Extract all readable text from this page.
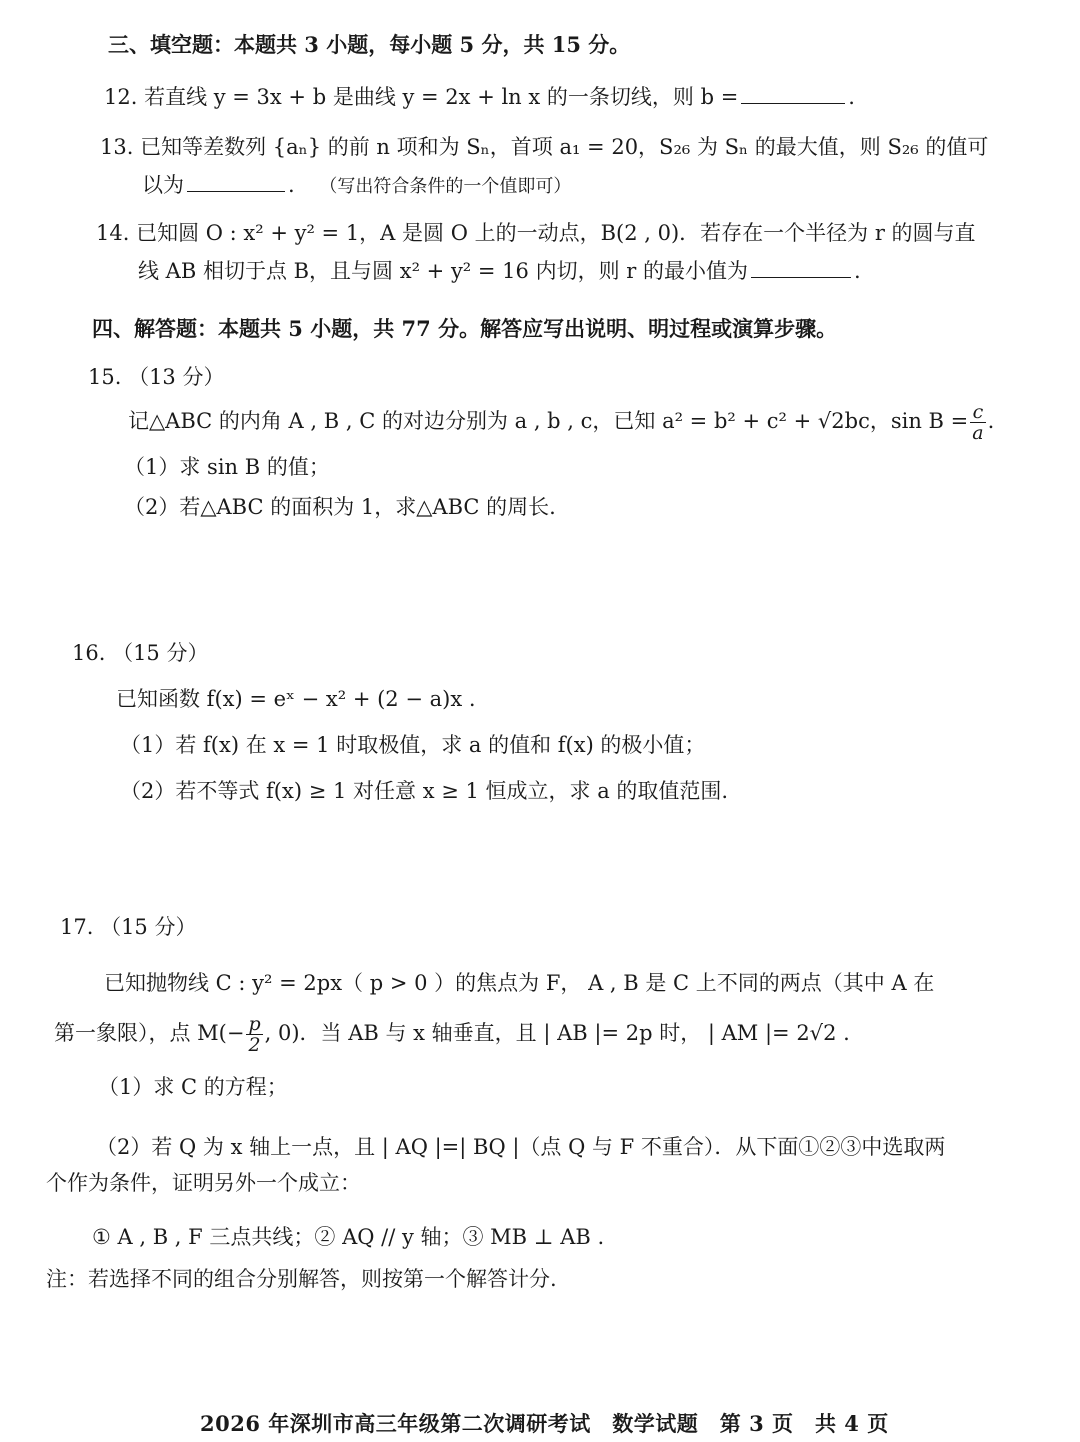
三、填空题：本题共 3 小题，每小题 5 分，共 15 分。
12. 若直线 y = 3x + b 是曲线 y = 2x + ln x 的一条切线，则 b =	.
13. 已知等差数列 {aₙ} 的前 n 项和为 Sₙ，首项 a₁ = 20，S₂₆ 为 Sₙ 的最大值，则 S₂₆ 的值可
以为	. （写出符合条件的一个值即可）
14. 已知圆 O : x² + y² = 1，A 是圆 O 上的一动点，B(2 , 0)．若存在一个半径为 r 的圆与直
线 AB 相切于点 B，且与圆 x² + y² = 16 内切，则 r 的最小值为	.
四、解答题：本题共 5 小题，共 77 分。解答应写出说明、明过程或演算步骤。
15. （13 分）
记△ABC 的内角 A , B , C 的对边分别为 a , b , c，已知 a² = b² + c² + √2bc，$\sin B = \frac{c}{a}$ .
（1）求 sin B 的值；
（2）若△ABC 的面积为 1，求△ABC 的周长.
16. （15 分）
已知函数 f(x) = eˣ − x² + (2 − a)x .
（1）若 f(x) 在 x = 1 时取极值，求 a 的值和 f(x) 的极小值；
（2）若不等式 f(x) ≥ 1 对任意 x ≥ 1 恒成立，求 a 的取值范围.
17. （15 分）
已知抛物线 C : y² = 2px（ p > 0 ）的焦点为 F， A , B 是 C 上不同的两点（其中 A 在
第一象限），点 $M(- \frac{p}{2}$ , 0)．当 AB 与 x 轴垂直，且 | AB |= 2p 时， | AM |= 2√2 .
（1）求 C 的方程；
（2）若 Q 为 x 轴上一点，且 | AQ |=| BQ |（点 Q 与 F 不重合）．从下面①②③中选取两
个作为条件，证明另外一个成立：
① A , B , F 三点共线；② AQ // y 轴；③ MB ⊥ AB .
注：若选择不同的组合分别解答，则按第一个解答计分.
2026 年深圳市高三年级第二次调研考试　数学试题　第 3 页　共 4 页
